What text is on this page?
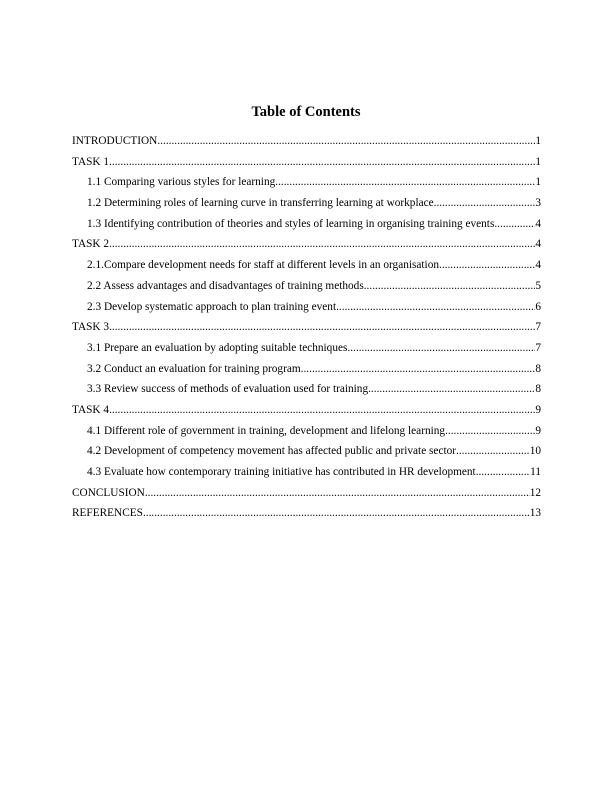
Table of Contents
INTRODUCTION .....	1
TASK 1 .....	1
1.1 Comparing various styles for learning .....	1
1.2 Determining roles of learning curve in transferring learning at workplace .....	3
1.3 Identifying contribution of theories and styles of learning in organising training events .....	4
TASK 2 .....	4
2.1.Compare development needs for staff at different levels in an organisation .....	4
2.2 Assess advantages and disadvantages of training methods .....	5
2.3 Develop systematic approach to plan training event .....	6
TASK 3 .....	7
3.1 Prepare an evaluation by adopting suitable techniques .....	7
3.2 Conduct an evaluation for training program .....	8
3.3 Review success of methods of evaluation used for training .....	8
TASK 4 .....	9
4.1 Different role of government in training, development and lifelong learning .....	9
4.2 Development of competency movement has affected public and private sector .....	10
4.3 Evaluate how contemporary training initiative has contributed in HR development .....	11
CONCLUSION .....	12
REFERENCES .....	13
